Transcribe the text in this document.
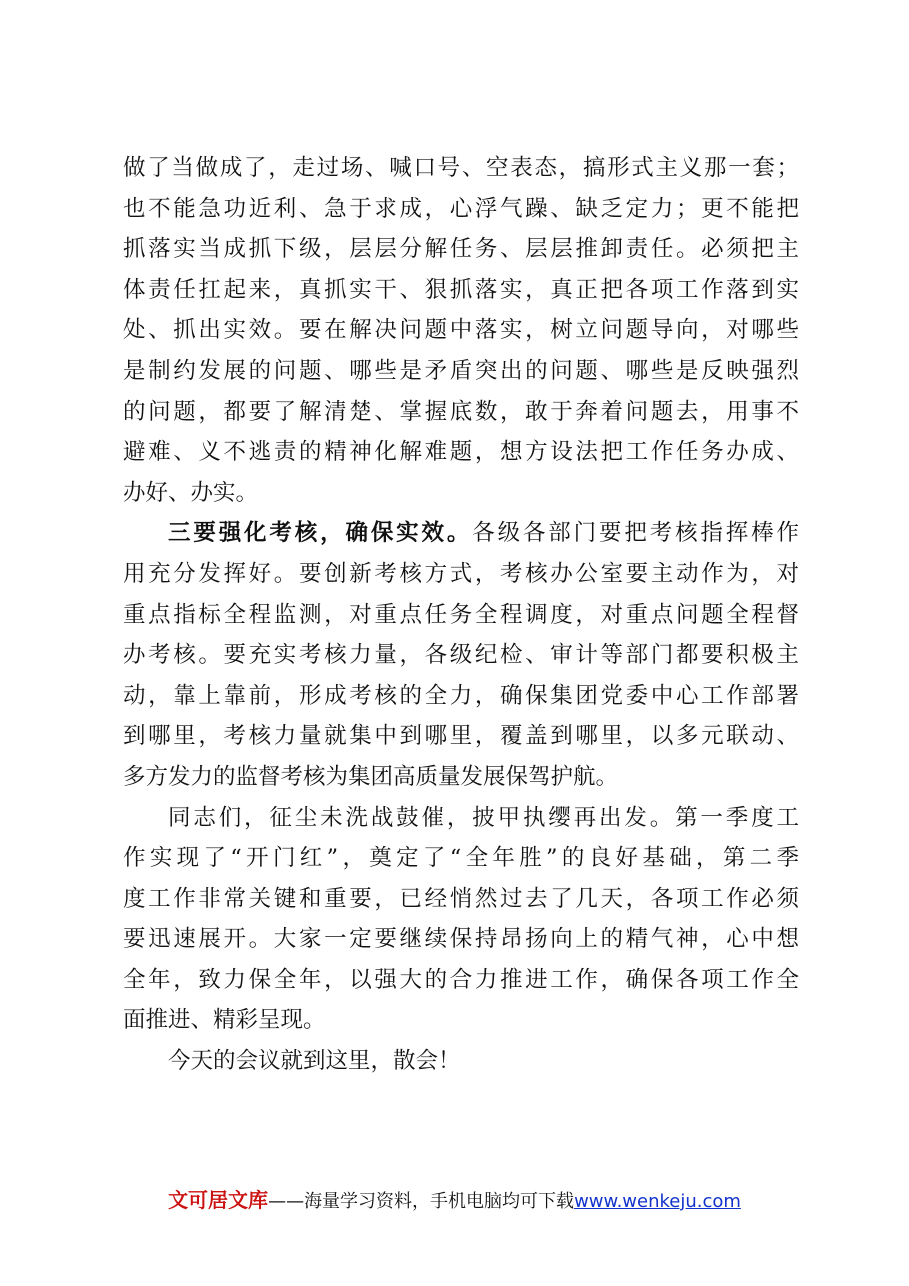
做了当做成了，走过场、喊口号、空表态，搞形式主义那一套；
也不能急功近利、急于求成，心浮气躁、缺乏定力；更不能把
抓落实当成抓下级，层层分解任务、层层推卸责任。必须把主
体责任扛起来，真抓实干、狠抓落实，真正把各项工作落到实
处、抓出实效。要在解决问题中落实，树立问题导向，对哪些
是制约发展的问题、哪些是矛盾突出的问题、哪些是反映强烈
的问题，都要了解清楚、掌握底数，敢于奔着问题去，用事不
避难、义不逃责的精神化解难题，想方设法把工作任务办成、
办好、办实。
三要强化考核，确保实效。各级各部门要把考核指挥棒作
用充分发挥好。要创新考核方式，考核办公室要主动作为，对
重点指标全程监测，对重点任务全程调度，对重点问题全程督
办考核。要充实考核力量，各级纪检、审计等部门都要积极主
动，靠上靠前，形成考核的全力，确保集团党委中心工作部署
到哪里，考核力量就集中到哪里，覆盖到哪里，以多元联动、
多方发力的监督考核为集团高质量发展保驾护航。
同志们，征尘未洗战鼓催，披甲执缨再出发。第一季度工
作实现了“开门红”，奠定了“全年胜”的良好基础，第二季
度工作非常关键和重要，已经悄然过去了几天，各项工作必须
要迅速展开。大家一定要继续保持昂扬向上的精气神，心中想
全年，致力保全年，以强大的合力推进工作，确保各项工作全
面推进、精彩呈现。
今天的会议就到这里，散会！
文可居文库——海量学习资料，手机电脑均可下载www.wenkeju.com
